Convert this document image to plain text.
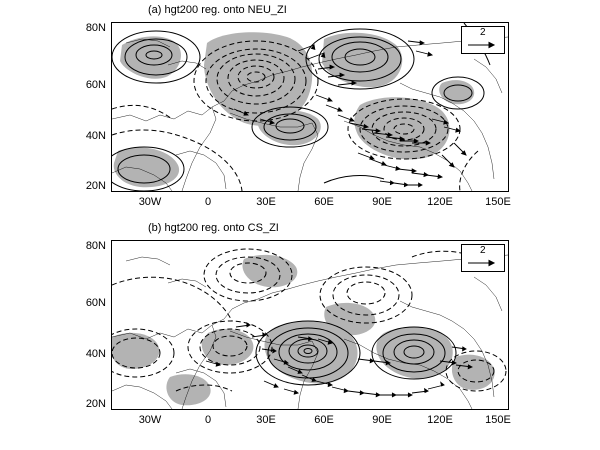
(a) hgt200 reg. onto NEU_ZI
2
80N
60N
40N
20N
30W	0	30E	60E	90E	120E	150E
(b) hgt200 reg. onto CS_ZI
2
80N
60N
40N
20N
30W	0	30E	60E	90E	120E	150E
